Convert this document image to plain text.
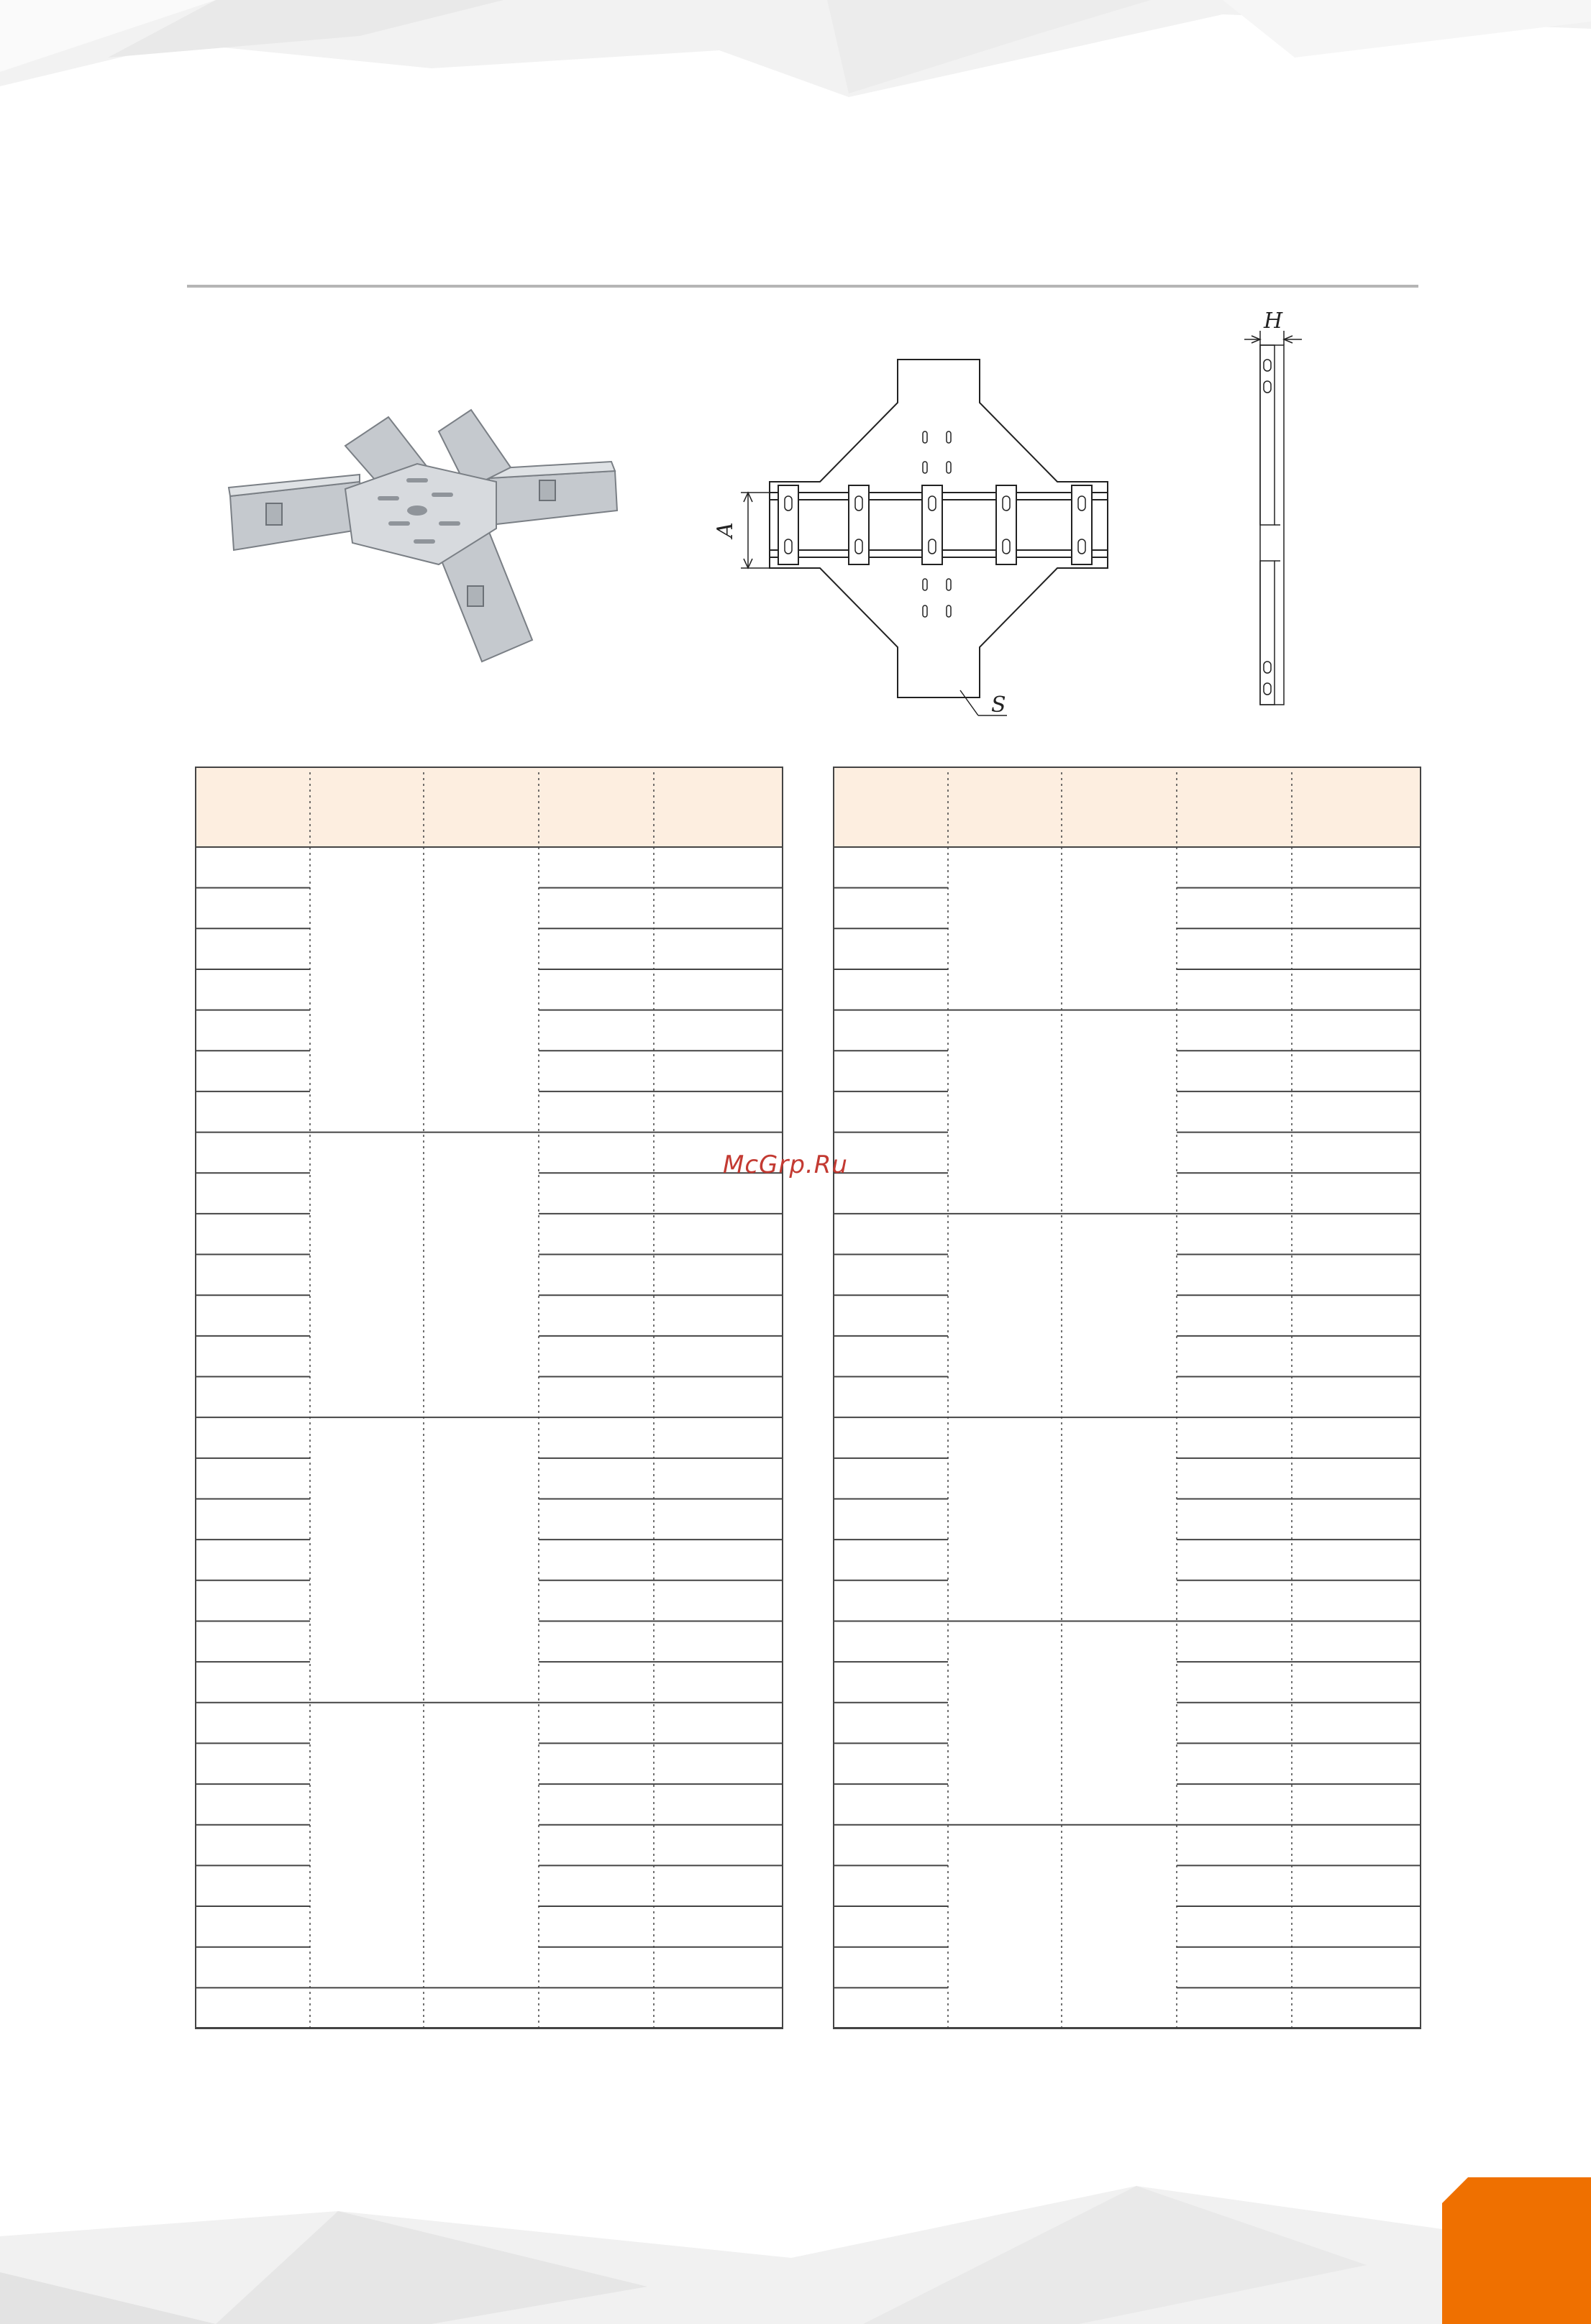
A
S
H
McGrp.Ru
